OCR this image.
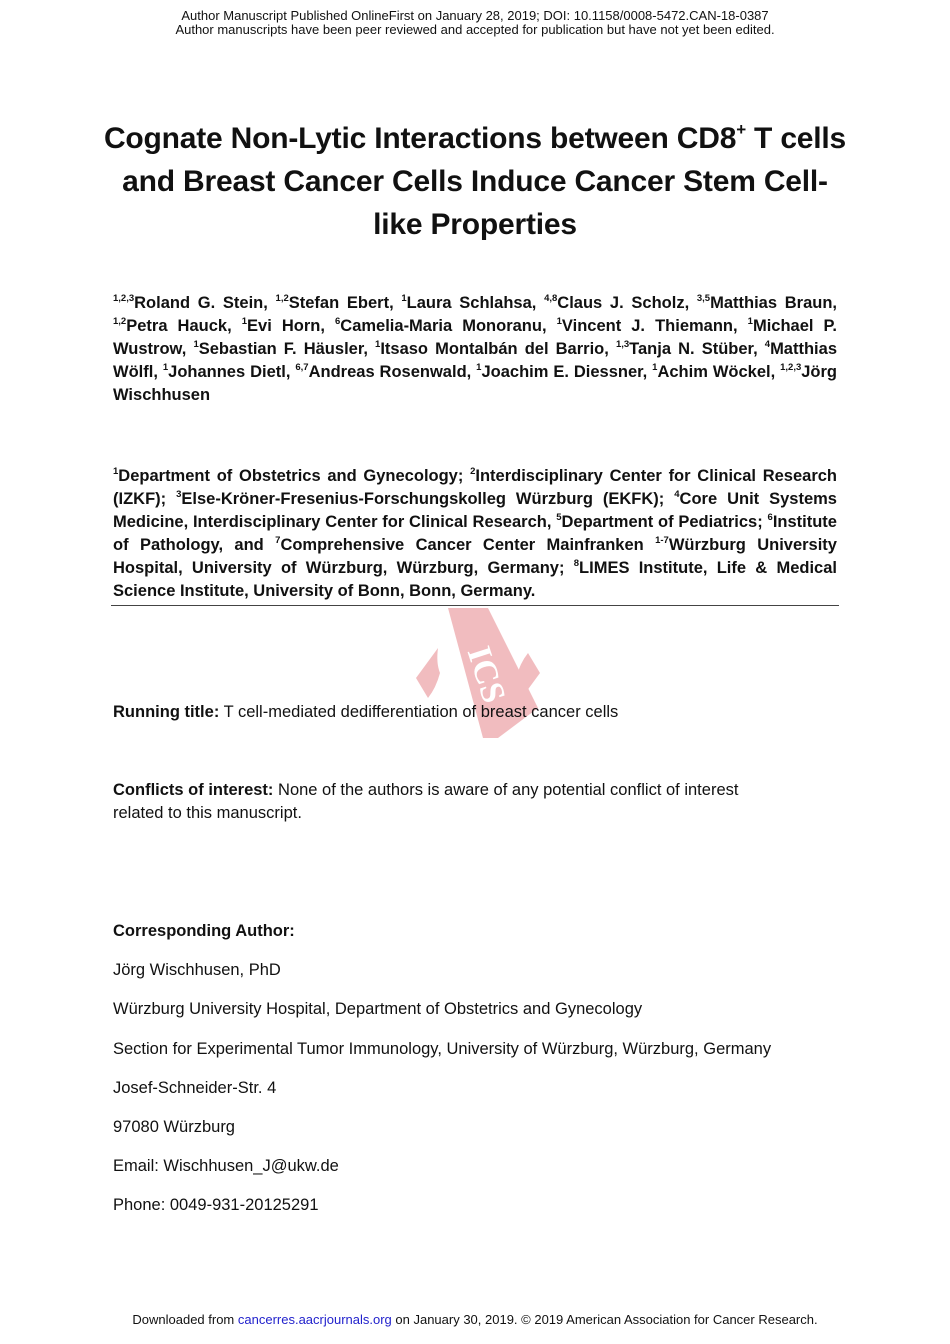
Author Manuscript Published OnlineFirst on January 28, 2019; DOI: 10.1158/0008-5472.CAN-18-0387
Author manuscripts have been peer reviewed and accepted for publication but have not yet been edited.
Cognate Non-Lytic Interactions between CD8+ T cells and Breast Cancer Cells Induce Cancer Stem Cell-like Properties
$^{1,2,3}$Roland G. Stein, $^{1,2}$Stefan Ebert, $^1$Laura Schlahsa, $^{4,8}$Claus J. Scholz, $^{3,5}$Matthias Braun, $^{1,2}$Petra Hauck, $^1$Evi Horn, $^6$Camelia-Maria Monoranu, $^1$Vincent J. Thiemann, $^1$Michael P. Wustrow, $^1$Sebastian F. Häusler, $^1$Itsaso Montalbán del Barrio, $^{1,3}$Tanja N. Stüber, $^4$Matthias Wölfl, $^1$Johannes Dietl, $^{6,7}$Andreas Rosenwald, $^1$Joachim E. Diessner, $^1$Achim Wöckel, $^{1,2,3}$Jörg Wischhusen
$^1$Department of Obstetrics and Gynecology; $^2$Interdisciplinary Center for Clinical Research (IZKF); $^3$Else-Kröner-Fresenius-Forschungskolleg Würzburg (EKFK); $^4$Core Unit Systems Medicine, Interdisciplinary Center for Clinical Research, $^5$Department of Pediatrics; $^6$Institute of Pathology, and $^7$Comprehensive Cancer Center Mainfranken $^{1-7}$Würzburg University Hospital, University of Würzburg, Würzburg, Germany; $^8$LIMES Institute, Life & Medical Science Institute, University of Bonn, Bonn, Germany.
ICS
Running title: T cell-mediated dedifferentiation of breast cancer cells
Conflicts of interest: None of the authors is aware of any potential conflict of interest related to this manuscript.
Corresponding Author:
Jörg Wischhusen, PhD
Würzburg University Hospital, Department of Obstetrics and Gynecology
Section for Experimental Tumor Immunology, University of Würzburg, Würzburg, Germany
Josef-Schneider-Str. 4
97080 Würzburg
Email: Wischhusen_J@ukw.de
Phone: 0049-931-20125291
Downloaded from cancerres.aacrjournals.org on January 30, 2019. © 2019 American Association for Cancer Research.
